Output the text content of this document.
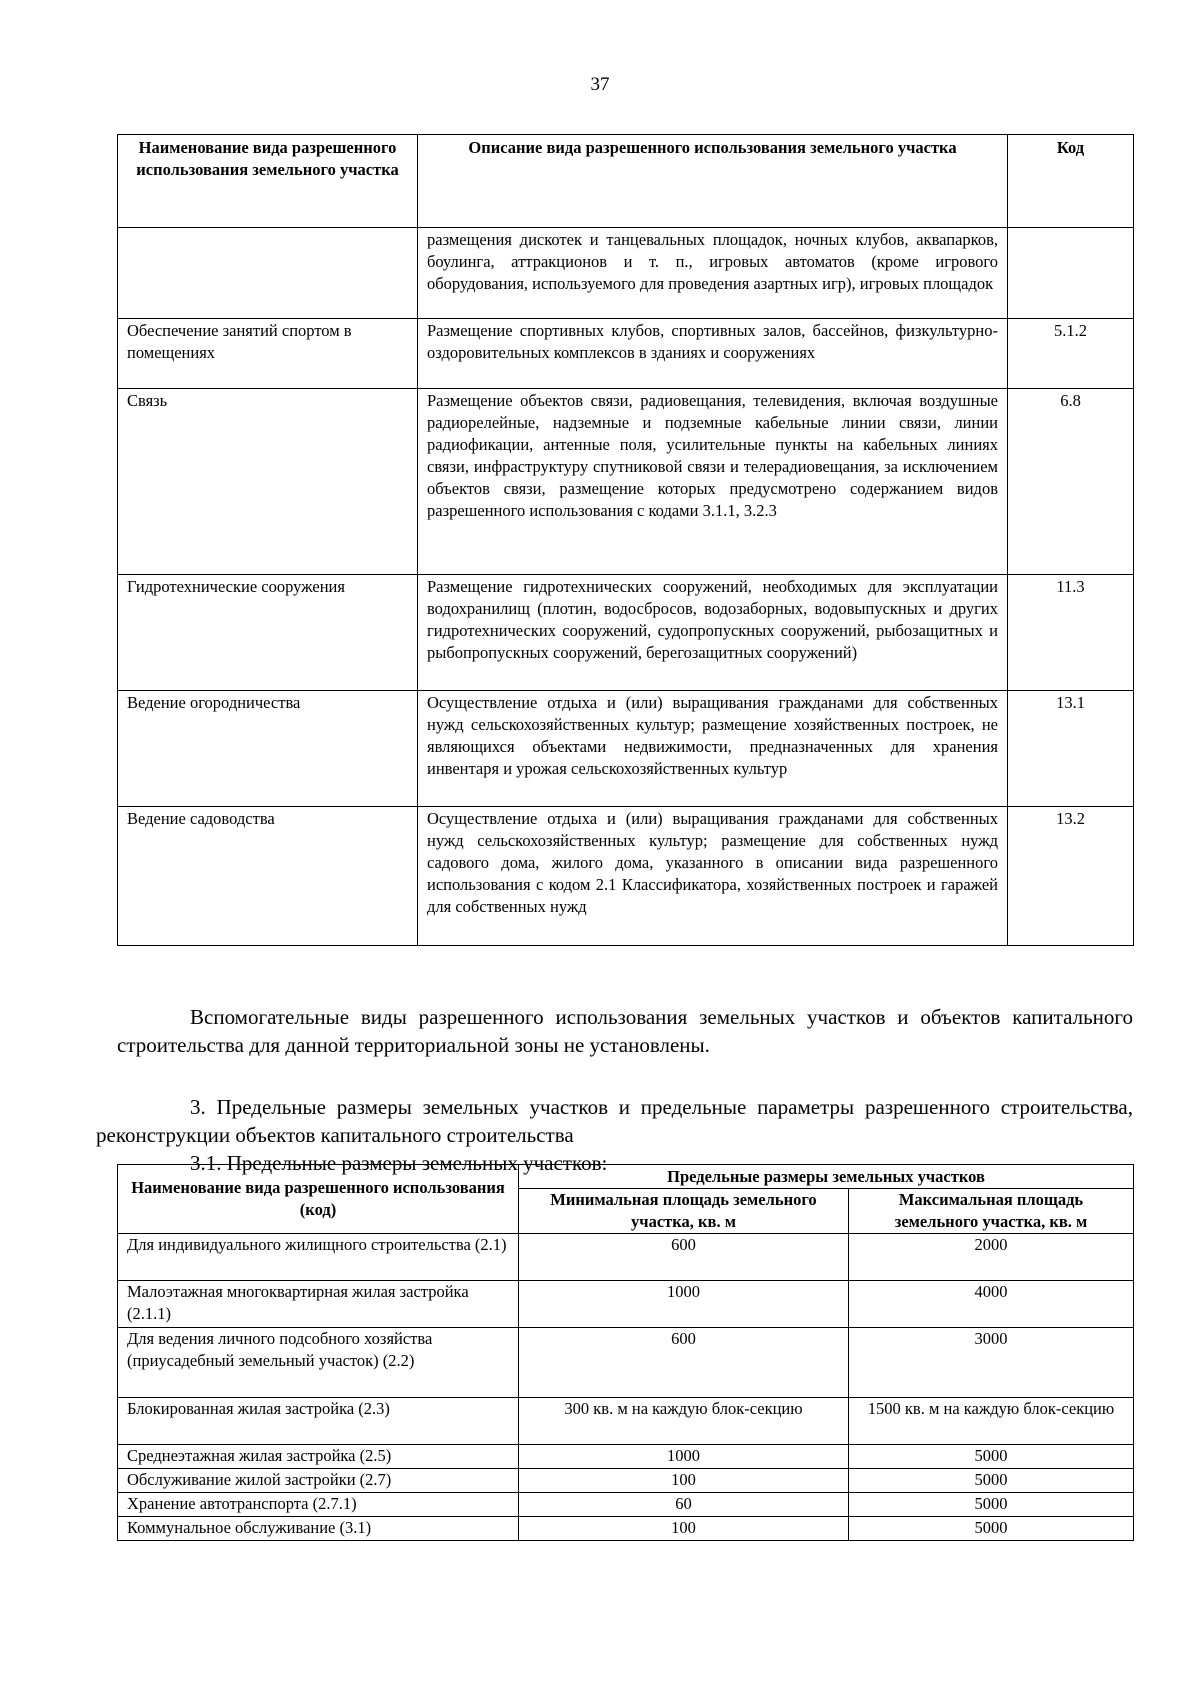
37
Наименование вида разрешенного использования земельного участка	Описание вида разрешенного использования земельного участка	Код
	размещения дискотек и танцевальных площадок, ночных клубов, аквапарков, боулинга, аттракционов и т. п., игровых автоматов (кроме игрового оборудования, используемого для проведения азартных игр), игровых площадок	
Обеспечение занятий спортом в помещениях	Размещение спортивных клубов, спортивных залов, бассейнов, физкультурно-оздоровительных комплексов в зданиях и сооружениях	5.1.2
Связь	Размещение объектов связи, радиовещания, телевидения, включая воздушные радиорелейные, надземные и подземные кабельные линии связи, линии радиофикации, антенные поля, усилительные пункты на кабельных линиях связи, инфраструктуру спутниковой связи и телерадиовещания, за исключением объектов связи, размещение которых предусмотрено содержанием видов разрешенного использования с кодами 3.1.1, 3.2.3	6.8
Гидротехнические сооружения	Размещение гидротехнических сооружений, необходимых для эксплуатации водохранилищ (плотин, водосбросов, водозаборных, водовыпускных и других гидротехнических сооружений, судопропускных сооружений, рыбозащитных и рыбопропускных сооружений, берегозащитных сооружений)	11.3
Ведение огородничества	Осуществление отдыха и (или) выращивания гражданами для собственных нужд сельскохозяйственных культур; размещение хозяйственных построек, не являющихся объектами недвижимости, предназначенных для хранения инвентаря и урожая сельскохозяйственных культур	13.1
Ведение садоводства	Осуществление отдыха и (или) выращивания гражданами для собственных нужд сельскохозяйственных культур; размещение для собственных нужд садового дома, жилого дома, указанного в описании вида разрешенного использования с кодом 2.1 Классификатора, хозяйственных построек и гаражей для собственных нужд	13.2

Вспомогательные виды разрешенного использования земельных участков и объектов капитального строительства для данной территориальной зоны не установлены.

3. Предельные размеры земельных участков и предельные параметры разрешенного строительства, реконструкции объектов капитального строительства

3.1. Предельные размеры земельных участков:

Наименование вида разрешенного использования (код)	Предельные размеры земельных участков	
	Минимальная площадь земельного участка, кв. м	Максимальная площадь земельного участка, кв. м
Для индивидуального жилищного строительства (2.1)	600	2000
Малоэтажная многоквартирная жилая застройка (2.1.1)	1000	4000
Для ведения личного подсобного хозяйства (приусадебный земельный участок) (2.2)	600	3000
Блокированная жилая застройка (2.3)	300 кв. м на каждую блок-секцию	1500 кв. м на каждую блок-секцию
Среднеэтажная жилая застройка (2.5)	1000	5000
Обслуживание жилой застройки (2.7)	100	5000
Хранение автотранспорта (2.7.1)	60	5000
Коммунальное обслуживание (3.1)	100	5000
